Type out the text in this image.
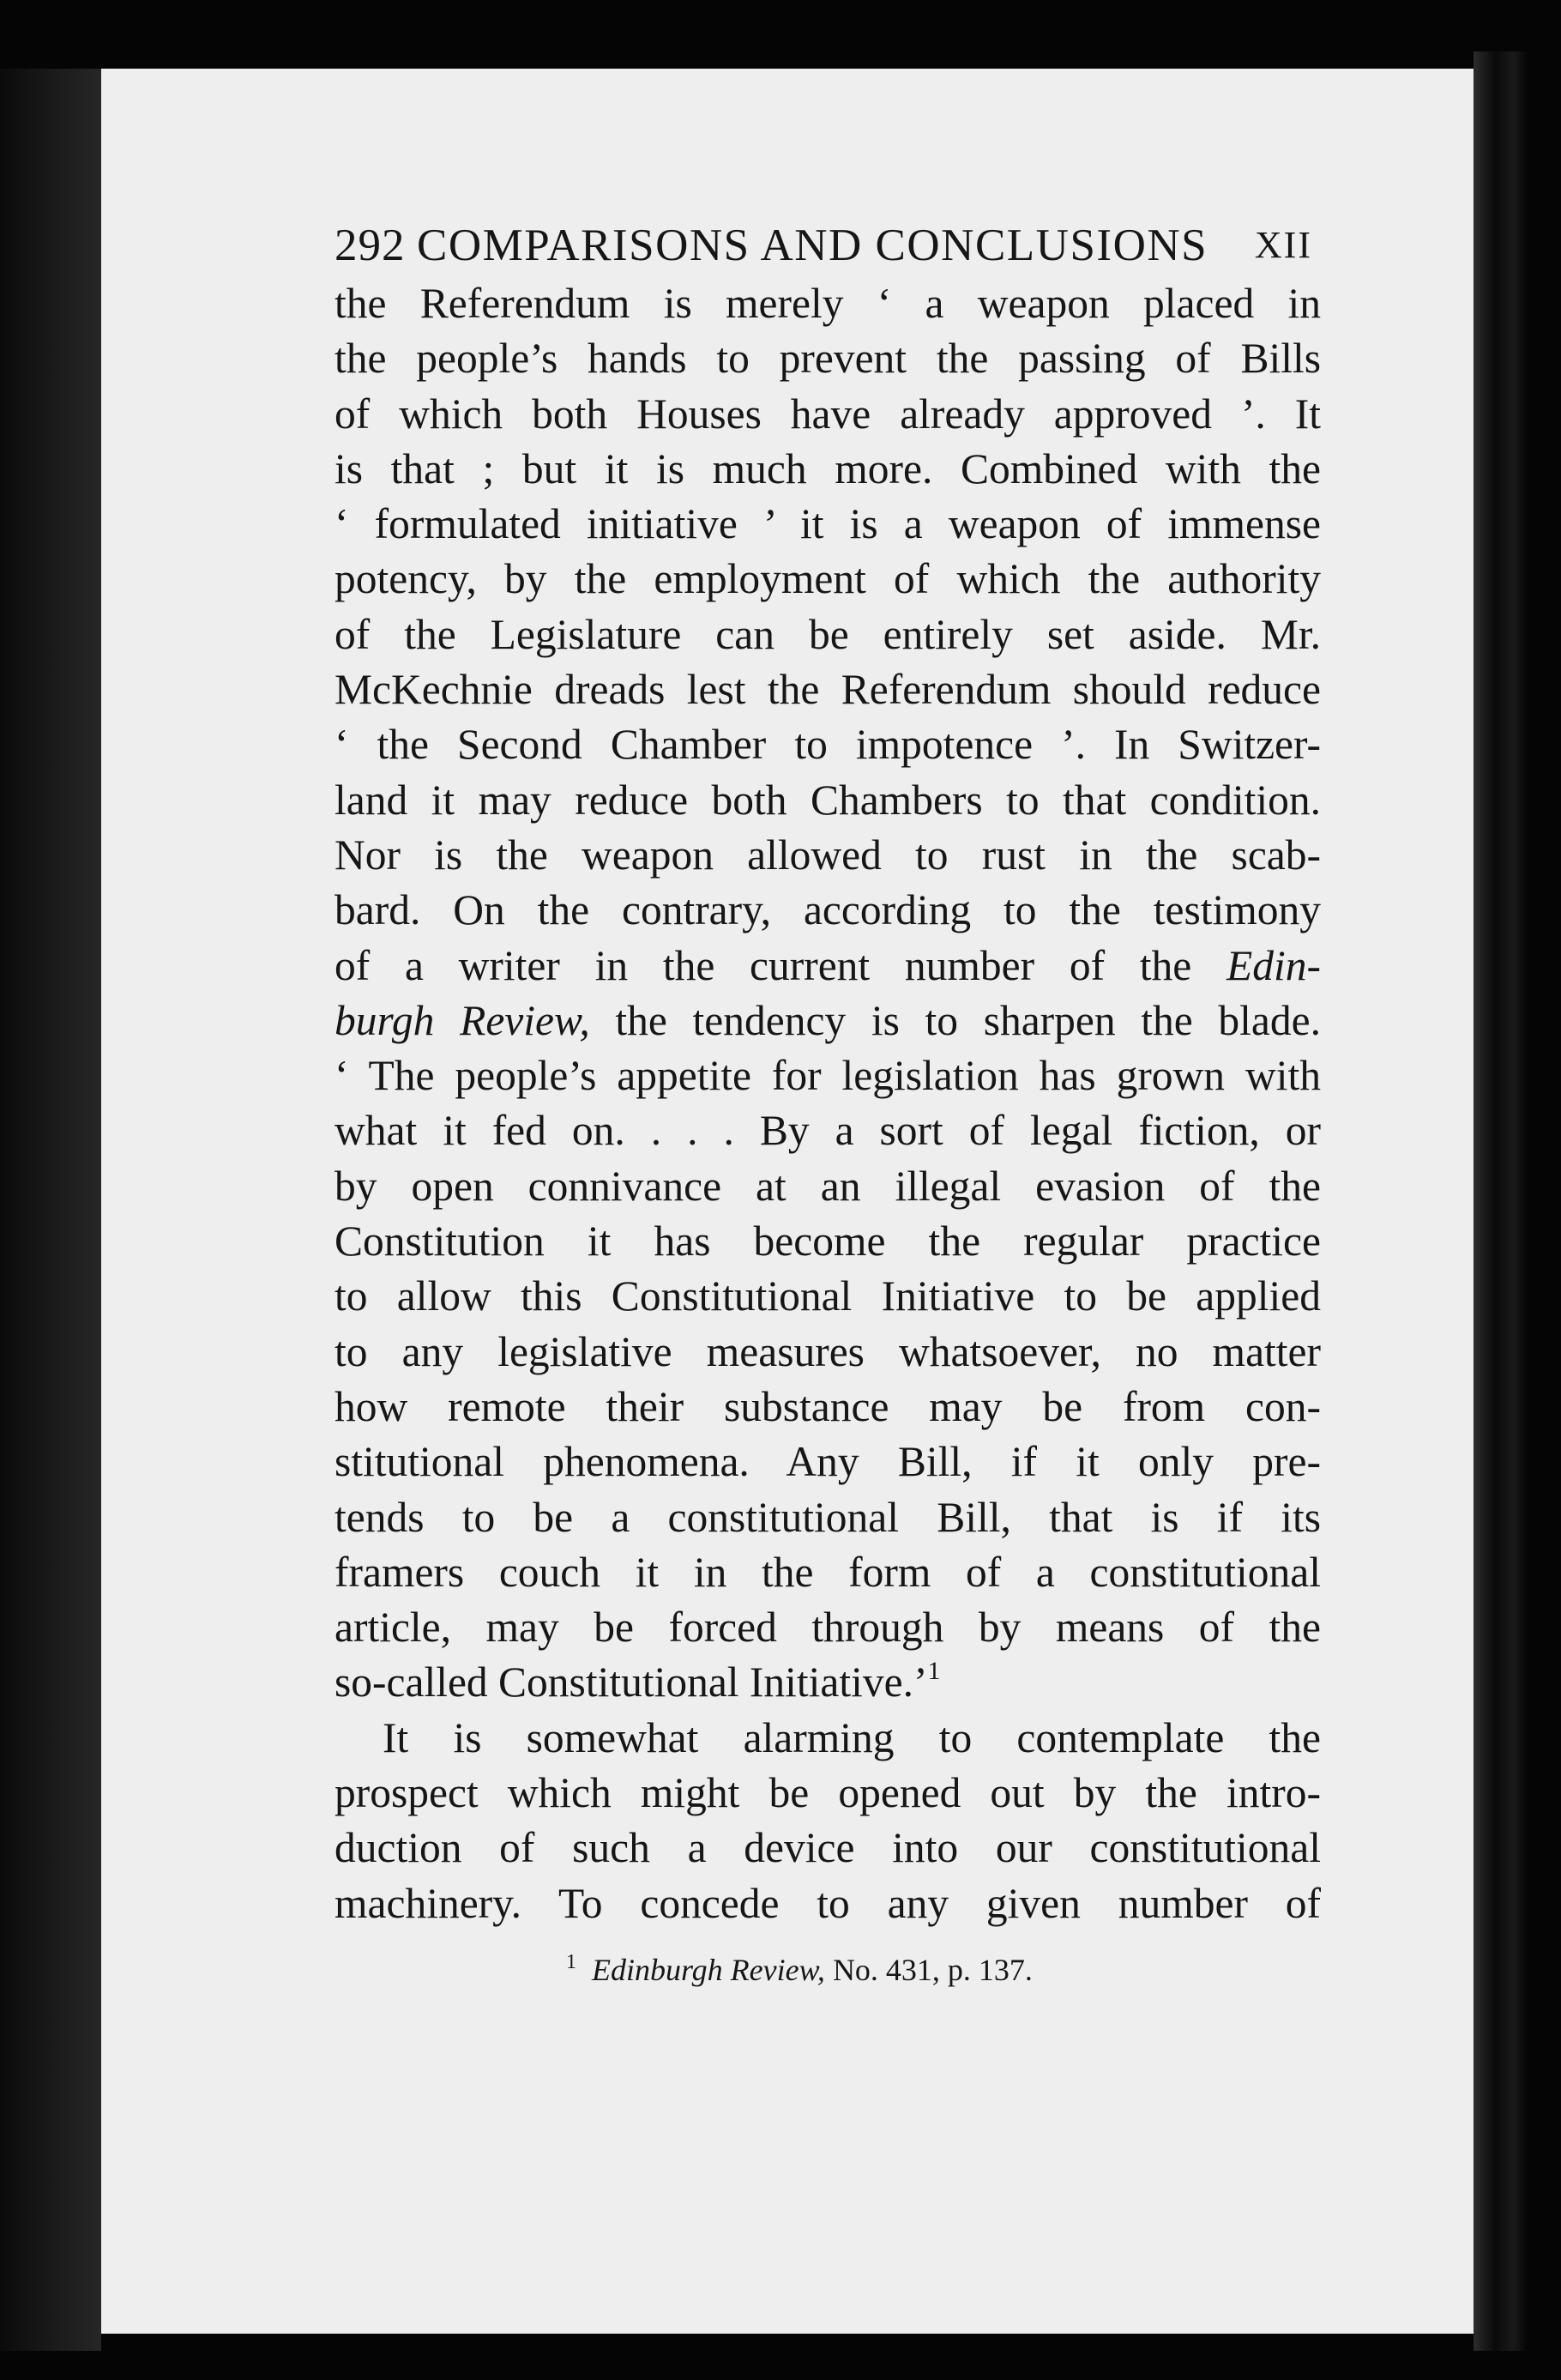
292 COMPARISONS AND CONCLUSIONS XII
the Referendum is merely ‘ a weapon placed in
the people’s hands to prevent the passing of Bills
of which both Houses have already approved ’. It
is that ; but it is much more. Combined with the
‘ formulated initiative ’ it is a weapon of immense
potency, by the employment of which the authority
of the Legislature can be entirely set aside. Mr.
McKechnie dreads lest the Referendum should reduce
‘ the Second Chamber to impotence ’. In Switzer-
land it may reduce both Chambers to that condition.
Nor is the weapon allowed to rust in the scab-
bard. On the contrary, according to the testimony
of a writer in the current number of the Edin-
burgh Review, the tendency is to sharpen the blade.
‘ The people’s appetite for legislation has grown with
what it fed on. . . . By a sort of legal fiction, or
by open connivance at an illegal evasion of the
Constitution it has become the regular practice
to allow this Constitutional Initiative to be applied
to any legislative measures whatsoever, no matter
how remote their substance may be from con-
stitutional phenomena. Any Bill, if it only pre-
tends to be a constitutional Bill, that is if its
framers couch it in the form of a constitutional
article, may be forced through by means of the
so-called Constitutional Initiative.’$^1$
It is somewhat alarming to contemplate the
prospect which might be opened out by the intro-
duction of such a device into our constitutional
machinery. To concede to any given number of
$^1$ Edinburgh Review, No. 431, p. 137.
